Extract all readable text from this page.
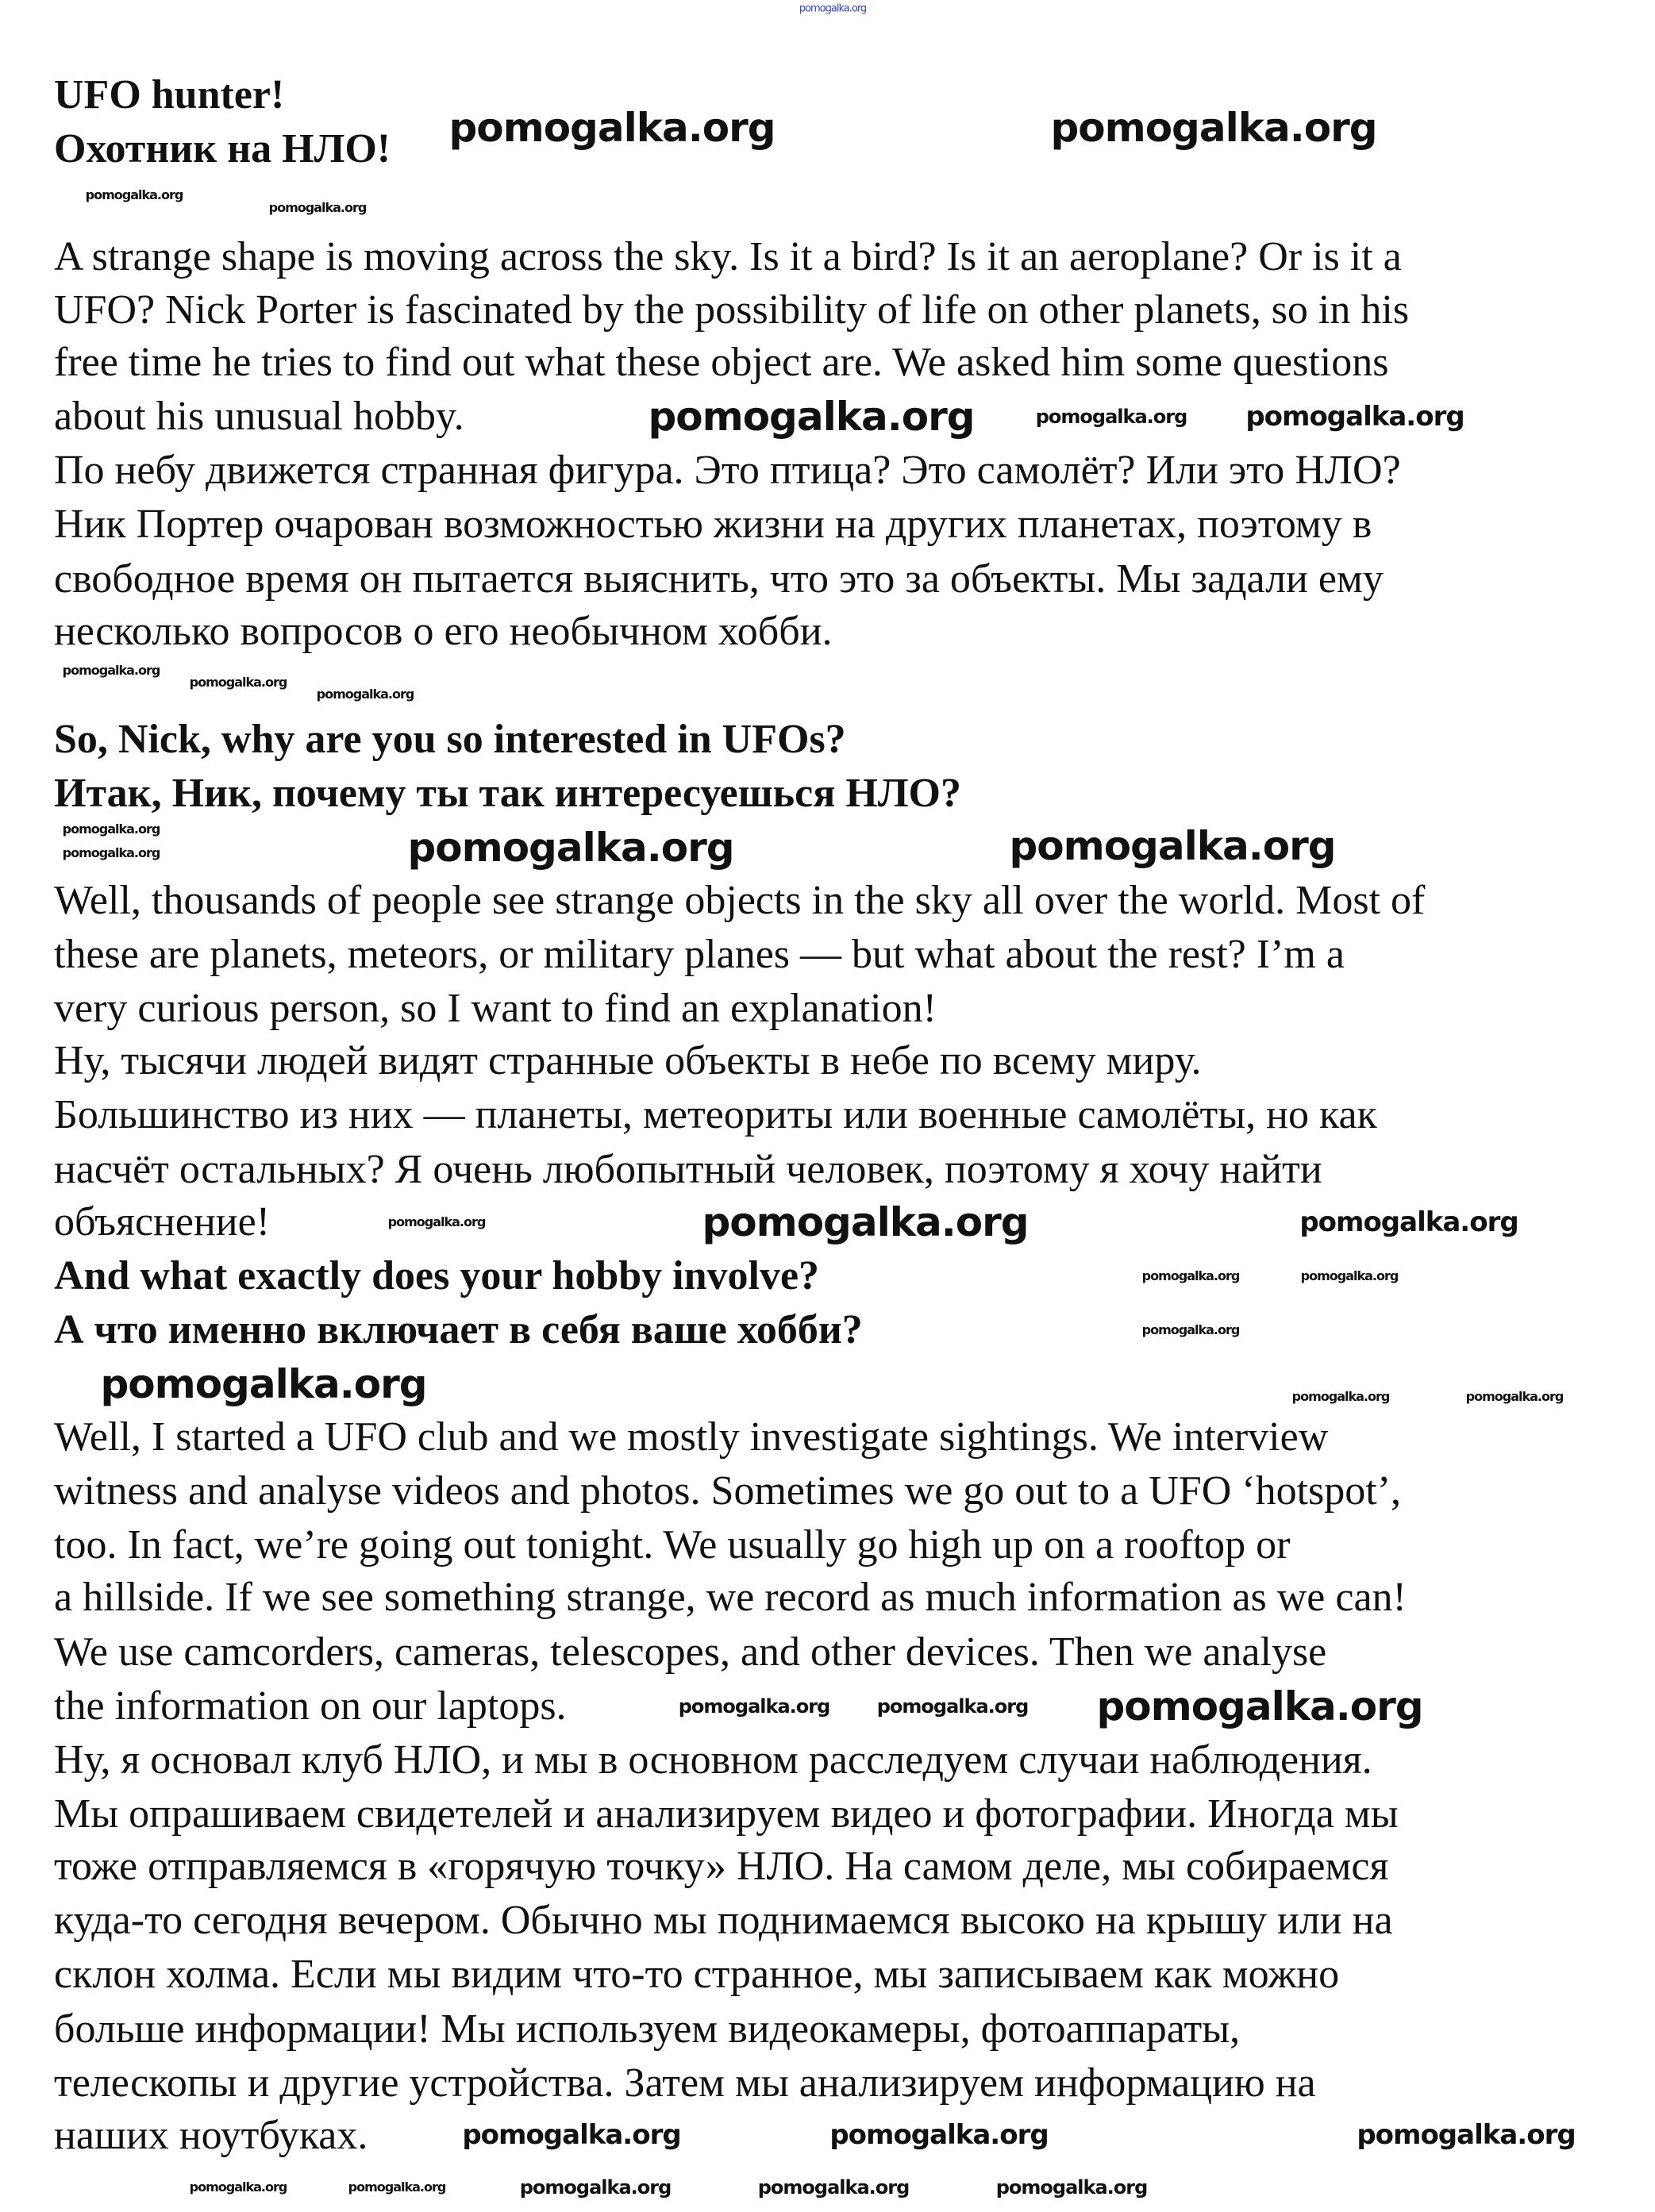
UFO hunter!
Охотник на НЛО!
A strange shape is moving across the sky. Is it a bird? Is it an aeroplane? Or is it a
UFO? Nick Porter is fascinated by the possibility of life on other planets, so in his
free time he tries to find out what these object are. We asked him some questions
about his unusual hobby.
По небу движется странная фигура. Это птица? Это самолёт? Или это НЛО?
Ник Портер очарован возможностью жизни на других планетах, поэтому в
свободное время он пытается выяснить, что это за объекты. Мы задали ему
несколько вопросов о его необычном хобби.
So, Nick, why are you so interested in UFOs?
Итак, Ник, почему ты так интересуешься НЛО?
Well, thousands of people see strange objects in the sky all over the world. Most of
these are planets, meteors, or military planes — but what about the rest? I’m a
very curious person, so I want to find an explanation!
Ну, тысячи людей видят странные объекты в небе по всему миру.
Большинство из них — планеты, метеориты или военные самолёты, но как
насчёт остальных? Я очень любопытный человек, поэтому я хочу найти
объяснение!
And what exactly does your hobby involve?
А что именно включает в себя ваше хобби?
Well, I started a UFO club and we mostly investigate sightings. We interview
witness and analyse videos and photos. Sometimes we go out to a UFO ‘hotspot’,
too. In fact, we’re going out tonight. We usually go high up on a rooftop or
a hillside. If we see something strange, we record as much information as we can!
We use camcorders, cameras, telescopes, and other devices. Then we analyse
the information on our laptops.
Ну, я основал клуб НЛО, и мы в основном расследуем случаи наблюдения.
Мы опрашиваем свидетелей и анализируем видео и фотографии. Иногда мы
тоже отправляемся в «горячую точку» НЛО. На самом деле, мы собираемся
куда-то сегодня вечером. Обычно мы поднимаемся высоко на крышу или на
склон холма. Если мы видим что-то странное, мы записываем как можно
больше информации! Мы используем видеокамеры, фотоаппараты,
телескопы и другие устройства. Затем мы анализируем информацию на
наших ноутбуках.
pomogalka.org
pomogalka.org	pomogalka.org
pomogalka.org
pomogalka.org	pomogalka.org
pomogalka.org
pomogalka.org
pomogalka.org
pomogalka.org
pomogalka.org
pomogalka.org
pomogalka.org	pomogalka.org
pomogalka.org
pomogalka.org pomogalka.org
pomogalka.org	pomogalka.org	pomogalka.org
pomogalka.org
pomogalka.org
pomogalka.org
pomogalka.org
pomogalka.org
pomogalka.org
pomogalka.org
pomogalka.org	pomogalka.org
pomogalka.org
pomogalka.org
pomogalka.org	pomogalka.org
pomogalka.org	pomogalka.org
